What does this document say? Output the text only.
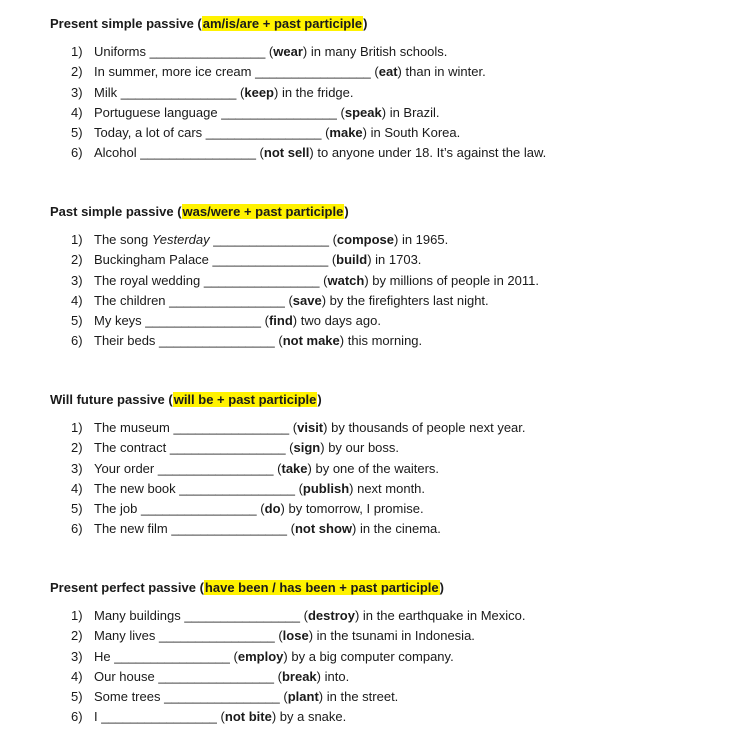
Present simple passive (am/is/are + past participle)
1) Uniforms ________________ (wear) in many British schools.
2) In summer, more ice cream ________________ (eat) than in winter.
3) Milk ________________ (keep) in the fridge.
4) Portuguese language ________________ (speak) in Brazil.
5) Today, a lot of cars ________________ (make) in South Korea.
6) Alcohol ________________ (not sell) to anyone under 18. It’s against the law.
Past simple passive (was/were + past participle)
1) The song Yesterday ________________ (compose) in 1965.
2) Buckingham Palace ________________ (build) in 1703.
3) The royal wedding ________________ (watch) by millions of people in 2011.
4) The children ________________ (save) by the firefighters last night.
5) My keys ________________ (find) two days ago.
6) Their beds ________________ (not make) this morning.
Will future passive (will be + past participle)
1) The museum ________________ (visit) by thousands of people next year.
2) The contract ________________ (sign) by our boss.
3) Your order ________________ (take) by one of the waiters.
4) The new book ________________ (publish) next month.
5) The job ________________ (do) by tomorrow, I promise.
6) The new film ________________ (not show) in the cinema.
Present perfect passive (have been / has been + past participle)
1) Many buildings ________________ (destroy) in the earthquake in Mexico.
2) Many lives ________________ (lose) in the tsunami in Indonesia.
3) He ________________ (employ) by a big computer company.
4) Our house ________________ (break) into.
5) Some trees ________________ (plant) in the street.
6) I ________________ (not bite) by a snake.
